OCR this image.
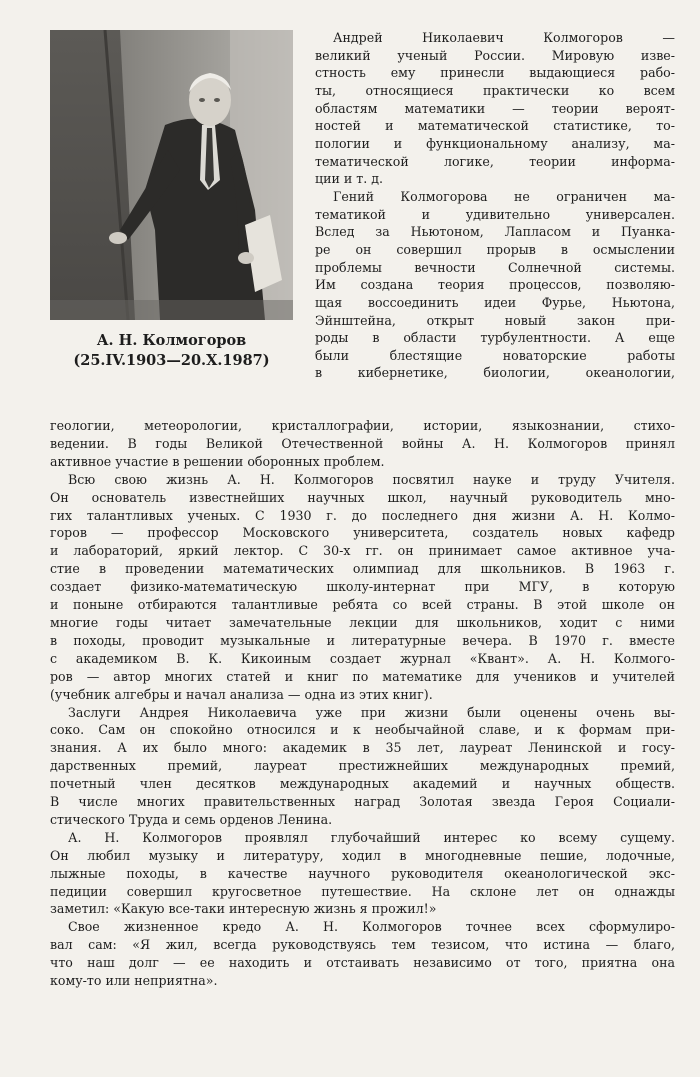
А. Н. Колмогоров
(25.IV.1903—20.X.1987)
Андрей Николаевич Колмогоров —
великий ученый России. Мировую изве-
стность ему принесли выдающиеся рабо-
ты, относящиеся практически ко всем
областям математики — теории вероят-
ностей и математической статистике, то-
пологии и функциональному анализу, ма-
тематической логике, теории информа-
ции и т. д.
Гений Колмогорова не ограничен ма-
тематикой и удивительно универсален.
Вслед за Ньютоном, Лапласом и Пуанка-
ре он совершил прорыв в осмыслении
проблемы вечности Солнечной системы.
Им создана теория процессов, позволяю-
щая воссоединить идеи Фурье, Ньютона,
Эйнштейна, открыт новый закон при-
роды в области турбулентности. А еще
были блестящие новаторские работы
в кибернетике, биологии, океанологии,
геологии, метеорологии, кристаллографии, истории, языкознании, стихо-
ведении. В годы Великой Отечественной войны А. Н. Колмогоров принял
активное участие в решении оборонных проблем.
Всю свою жизнь А. Н. Колмогоров посвятил науке и труду Учителя.
Он основатель известнейших научных школ, научный руководитель мно-
гих талантливых ученых. С 1930 г. до последнего дня жизни А. Н. Колмо-
горов — профессор Московского университета, создатель новых кафедр
и лабораторий, яркий лектор. С 30-х гг. он принимает самое активное уча-
стие в проведении математических олимпиад для школьников. В 1963 г.
создает физико-математическую школу-интернат при МГУ, в которую
и поныне отбираются талантливые ребята со всей страны. В этой школе он
многие годы читает замечательные лекции для школьников, ходит с ними
в походы, проводит музыкальные и литературные вечера. В 1970 г. вместе
с академиком В. К. Кикоиным создает журнал «Квант». А. Н. Колмого-
ров — автор многих статей и книг по математике для учеников и учителей
(учебник алгебры и начал анализа — одна из этих книг).
Заслуги Андрея Николаевича уже при жизни были оценены очень вы-
соко. Сам он спокойно относился и к необычайной славе, и к формам при-
знания. А их было много: академик в 35 лет, лауреат Ленинской и госу-
дарственных премий, лауреат престижнейших международных премий,
почетный член десятков международных академий и научных обществ.
В числе многих правительственных наград Золотая звезда Героя Социали-
стического Труда и семь орденов Ленина.
А. Н. Колмогоров проявлял глубочайший интерес ко всему сущему.
Он любил музыку и литературу, ходил в многодневные пешие, лодочные,
лыжные походы, в качестве научного руководителя океанологической экс-
педиции совершил кругосветное путешествие. На склоне лет он однажды
заметил: «Какую все-таки интересную жизнь я прожил!»
Свое жизненное кредо А. Н. Колмогоров точнее всех сформулиро-
вал сам: «Я жил, всегда руководствуясь тем тезисом, что истина — благо,
что наш долг — ее находить и отстаивать независимо от того, приятна она
кому-то или неприятна».
